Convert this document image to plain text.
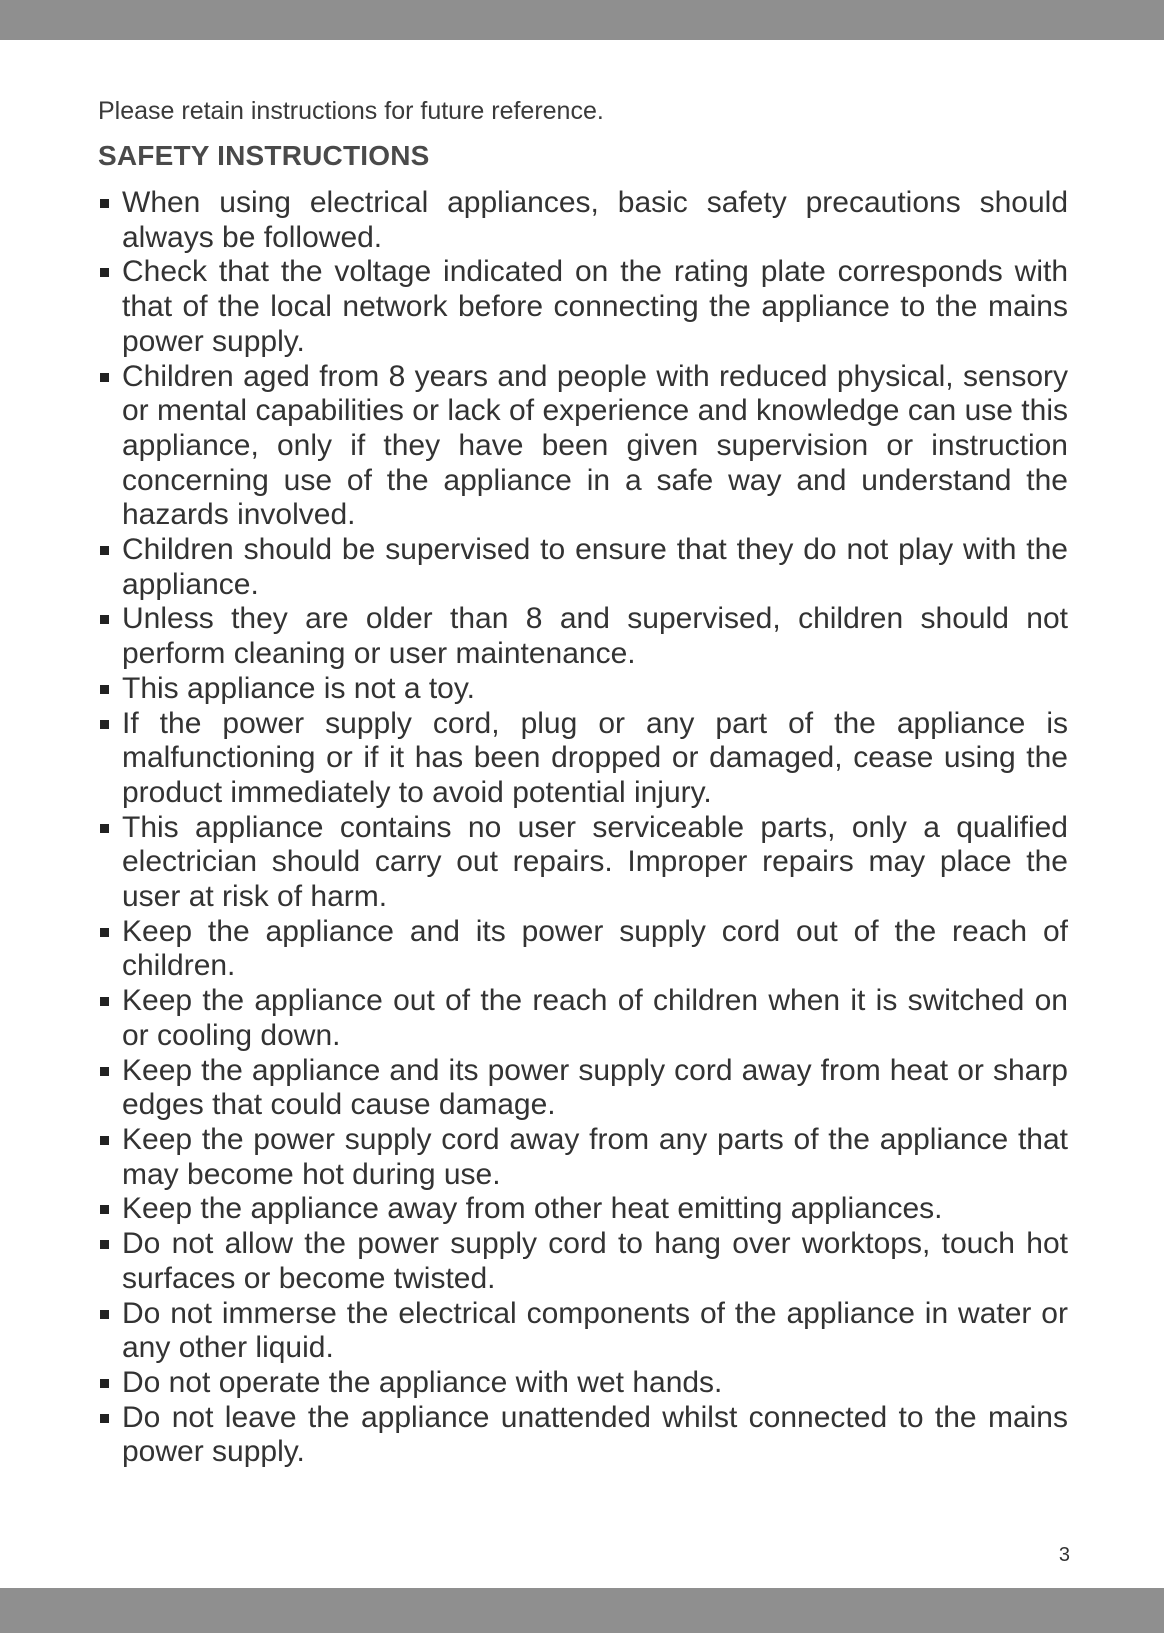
Please retain instructions for future reference.

SAFETY INSTRUCTIONS
When using electrical appliances, basic safety precautions should always be followed.
Check that the voltage indicated on the rating plate corresponds with that of the local network before connecting the appliance to the mains power supply.
Children aged from 8 years and people with reduced physical, sensory or mental capabilities or lack of experience and knowledge can use this appliance, only if they have been given supervision or instruction concerning use of the appliance in a safe way and understand the hazards involved.
Children should be supervised to ensure that they do not play with the appliance.
Unless they are older than 8 and supervised, children should not perform cleaning or user maintenance.
This appliance is not a toy.
If the power supply cord, plug or any part of the appliance is malfunctioning or if it has been dropped or damaged, cease using the product immediately to avoid potential injury.
This appliance contains no user serviceable parts, only a qualified electrician should carry out repairs. Improper repairs may place the user at risk of harm.
Keep the appliance and its power supply cord out of the reach of children.
Keep the appliance out of the reach of children when it is switched on or cooling down.
Keep the appliance and its power supply cord away from heat or sharp edges that could cause damage.
Keep the power supply cord away from any parts of the appliance that may become hot during use.
Keep the appliance away from other heat emitting appliances.
Do not allow the power supply cord to hang over worktops, touch hot surfaces or become twisted.
Do not immerse the electrical components of the appliance in water or any other liquid.
Do not operate the appliance with wet hands.
Do not leave the appliance unattended whilst connected to the mains power supply.
3
